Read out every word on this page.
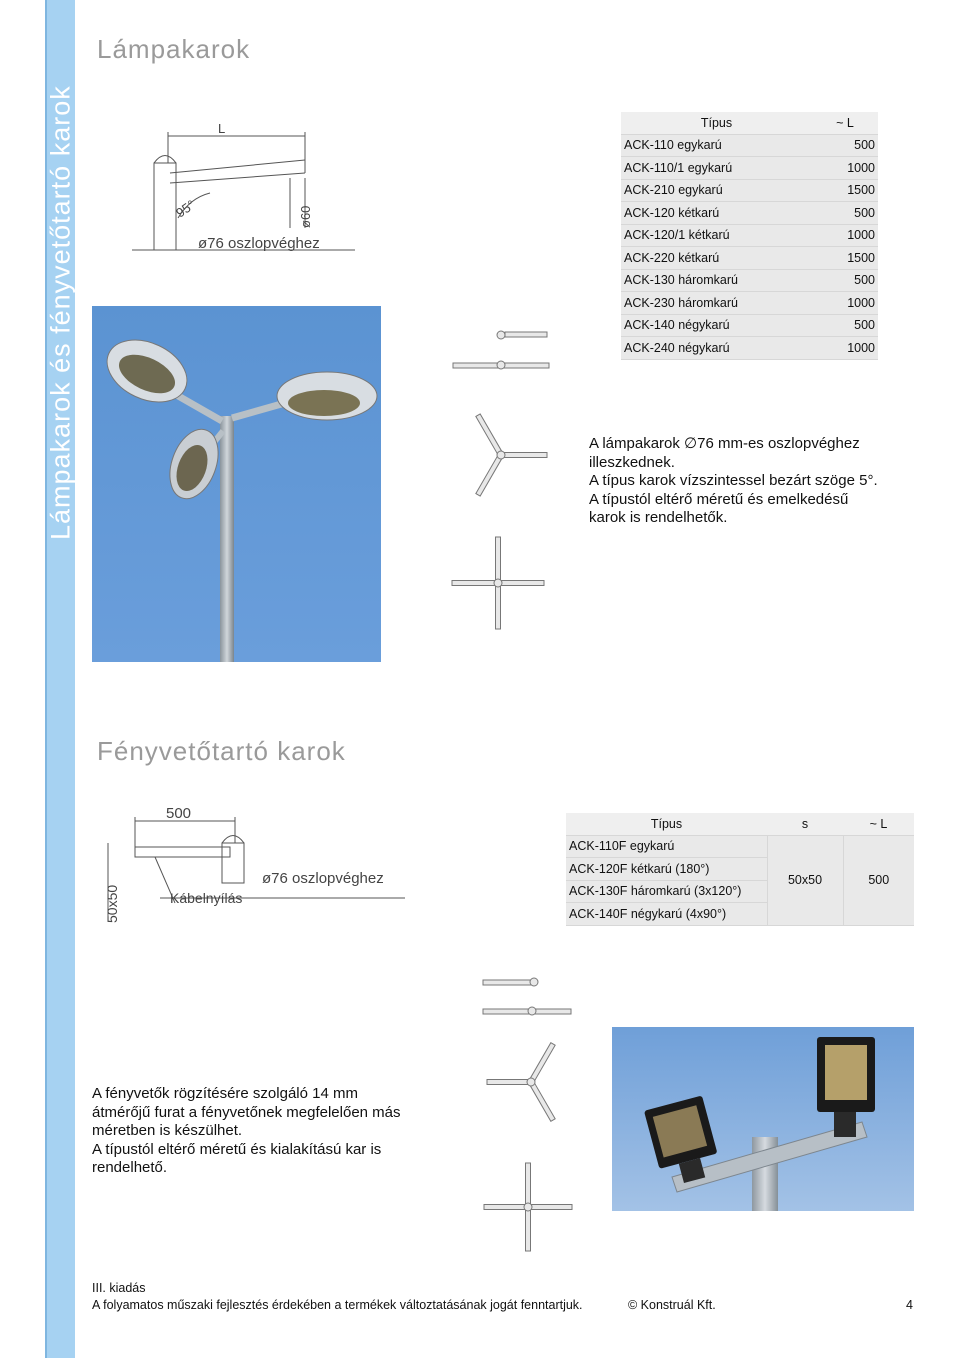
Lámpakarok és fényvetőtartó karok
Lámpakarok
L
95°	ø60
ø76 oszlopvéghez
Típus	~ L
ACK-110 egykarú	500
ACK-110/1 egykarú	1000
ACK-210 egykarú	1500
ACK-120 kétkarú	500
ACK-120/1 kétkarú	1000
ACK-220 kétkarú	1500
ACK-130 háromkarú	500
ACK-230 háromkarú	1000
ACK-140 négykarú	500
ACK-240 négykarú	1000
A lámpakarok ∅76 mm-es oszlopvéghez
illeszkednek.
A típus karok vízszintessel bezárt szöge 5°.
A típustól eltérő méretű és emelkedésű
karok is rendelhetők.
Fényvetőtartó karok
500
50x50	Kábelnyílás
ø76 oszlopvéghez
Típus	s	~ L
ACK-110F egykarú	50x50	500
ACK-120F kétkarú (180°)		
ACK-130F háromkarú (3x120°)		
ACK-140F négykarú (4x90°)		
A fényvetők rögzítésére szolgáló 14 mm
átmérőjű furat a fényvetőnek megfelelően más
méretben is készülhet.
A típustól eltérő méretű és kialakítású kar is
rendelhető.
III. kiadás
A folyamatos műszaki fejlesztés érdekében a termékek változtatásának jogát fenntartjuk.	© Konstruál Kft.	4
